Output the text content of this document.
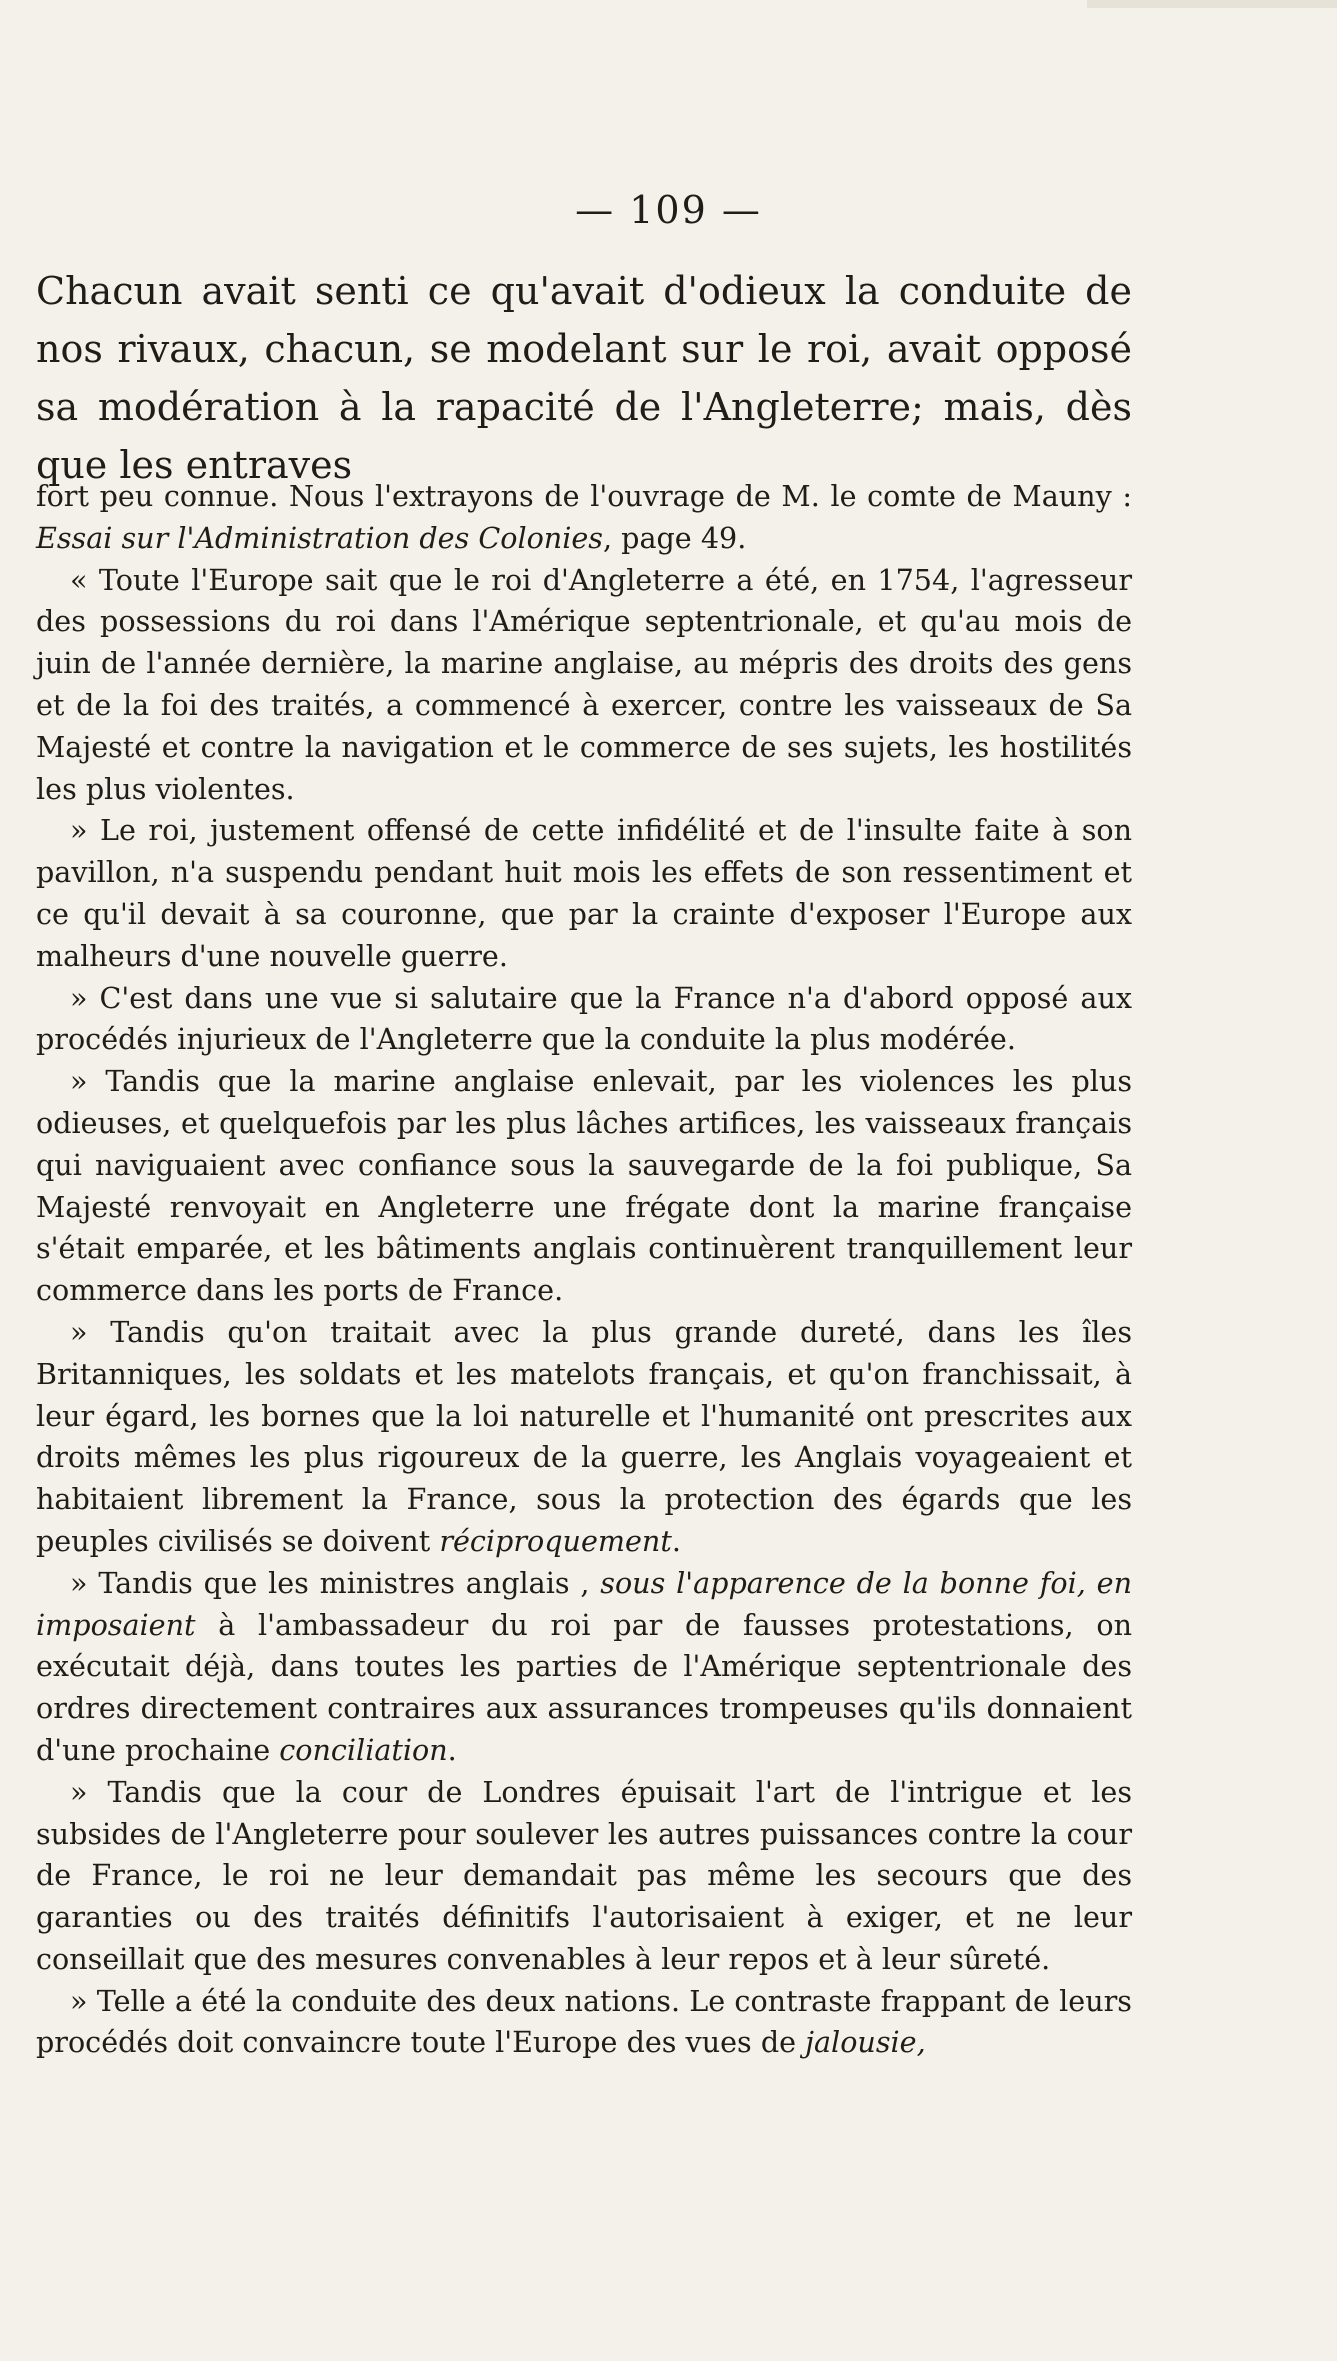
— 109 —
Chacun avait senti ce qu'avait d'odieux la conduite de nos rivaux, chacun, se modelant sur le roi, avait opposé sa modération à la rapacité de l'Angleterre; mais, dès que les entraves

fort peu connue. Nous l'extrayons de l'ouvrage de M. le comte de Mauny : Essai sur l'Administration des Colonies, page 49.

« Toute l'Europe sait que le roi d'Angleterre a été, en 1754, l'agresseur des possessions du roi dans l'Amérique septentrionale, et qu'au mois de juin de l'année dernière, la marine anglaise, au mépris des droits des gens et de la foi des traités, a commencé à exercer, contre les vaisseaux de Sa Majesté et contre la navigation et le commerce de ses sujets, les hostilités les plus violentes.

» Le roi, justement offensé de cette infidélité et de l'insulte faite à son pavillon, n'a suspendu pendant huit mois les effets de son ressentiment et ce qu'il devait à sa couronne, que par la crainte d'exposer l'Europe aux malheurs d'une nouvelle guerre.

» C'est dans une vue si salutaire que la France n'a d'abord opposé aux procédés injurieux de l'Angleterre que la conduite la plus modérée.

» Tandis que la marine anglaise enlevait, par les violences les plus odieuses, et quelquefois par les plus lâches artifices, les vaisseaux français qui naviguaient avec confiance sous la sauvegarde de la foi publique, Sa Majesté renvoyait en Angleterre une frégate dont la marine française s'était emparée, et les bâtiments anglais continuèrent tranquillement leur commerce dans les ports de France.

» Tandis qu'on traitait avec la plus grande dureté, dans les îles Britanniques, les soldats et les matelots français, et qu'on franchissait, à leur égard, les bornes que la loi naturelle et l'humanité ont prescrites aux droits mêmes les plus rigoureux de la guerre, les Anglais voyageaient et habitaient librement la France, sous la protection des égards que les peuples civilisés se doivent réciproquement.

» Tandis que les ministres anglais , sous l'apparence de la bonne foi, en imposaient à l'ambassadeur du roi par de fausses protestations, on exécutait déjà, dans toutes les parties de l'Amérique septentrionale des ordres directement contraires aux assurances trompeuses qu'ils donnaient d'une prochaine conciliation.

» Tandis que la cour de Londres épuisait l'art de l'intrigue et les subsides de l'Angleterre pour soulever les autres puissances contre la cour de France, le roi ne leur demandait pas même les secours que des garanties ou des traités définitifs l'autorisaient à exiger, et ne leur conseillait que des mesures convenables à leur repos et à leur sûreté.

» Telle a été la conduite des deux nations. Le contraste frappant de leurs procédés doit convaincre toute l'Europe des vues de jalousie,
